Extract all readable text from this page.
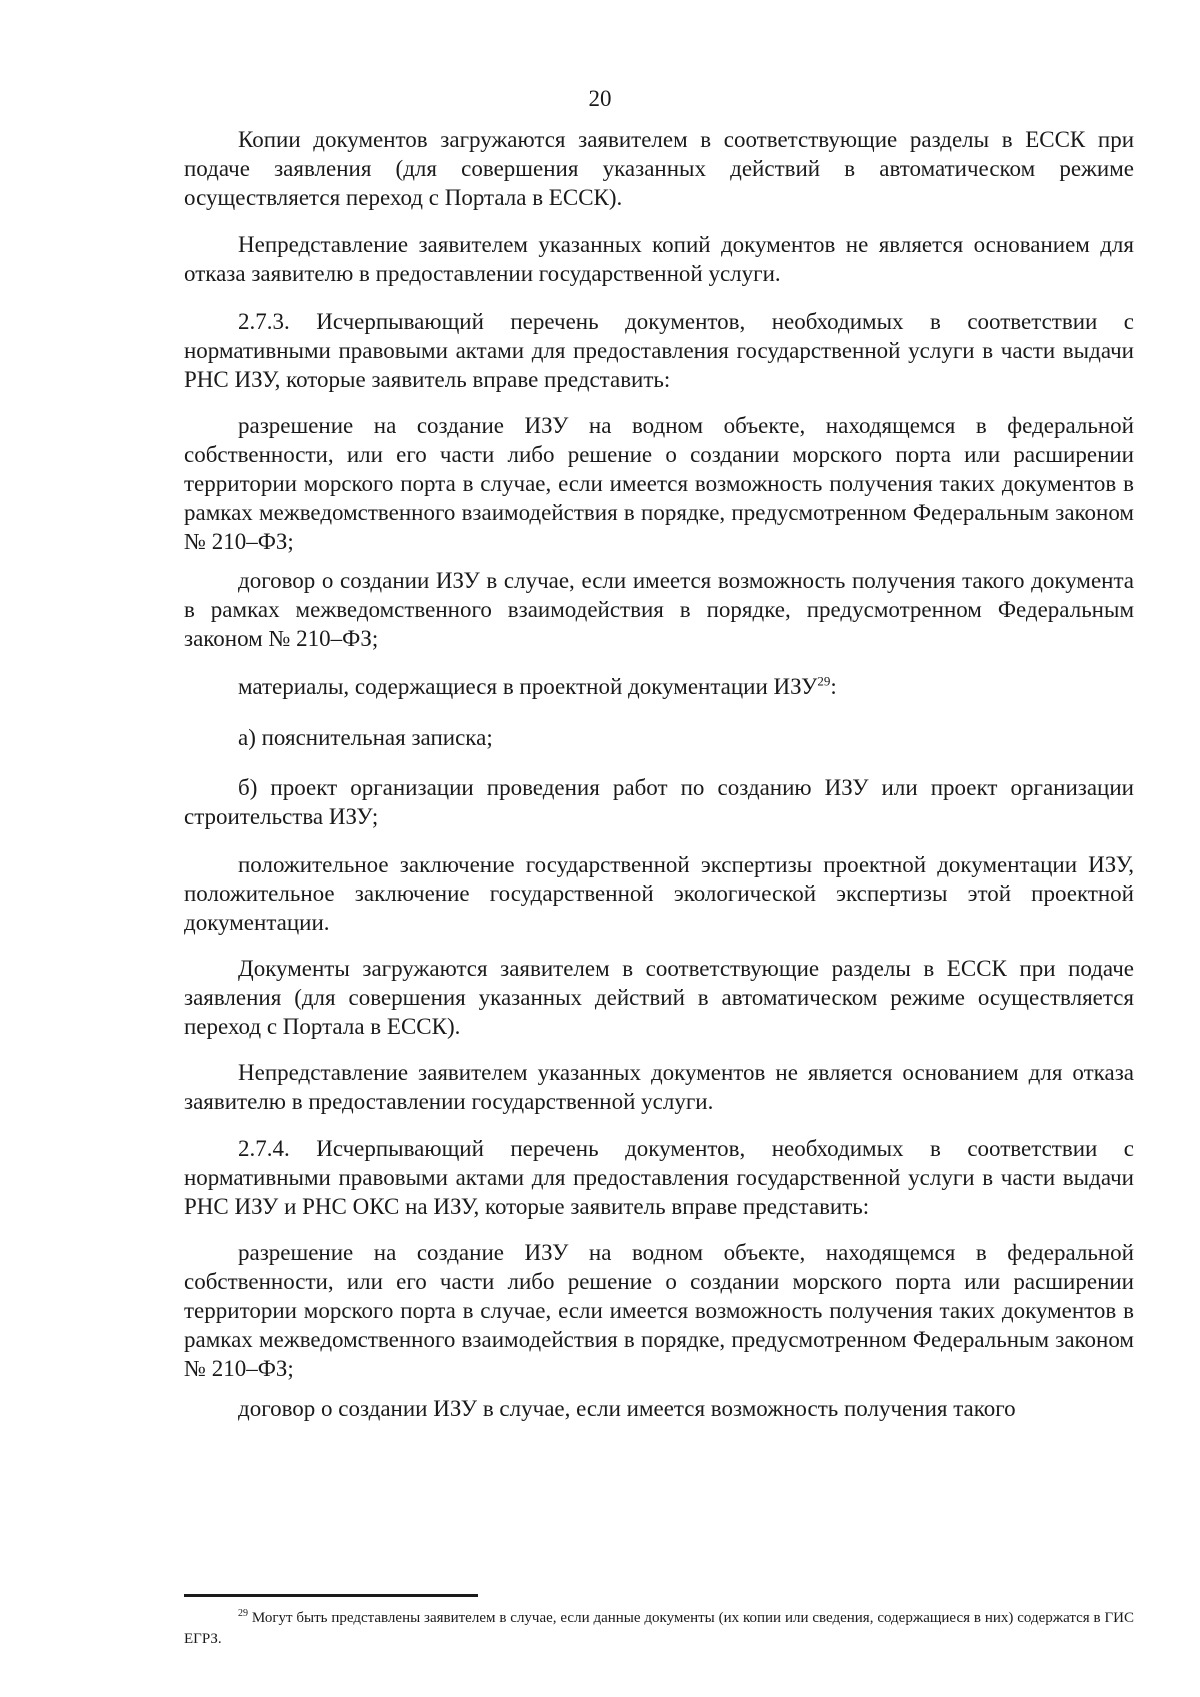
20

Копии документов загружаются заявителем в соответствующие разделы в ЕССК при подаче заявления (для совершения указанных действий в автоматическом режиме осуществляется переход с Портала в ЕССК).

Непредставление заявителем указанных копий документов не является основанием для отказа заявителю в предоставлении государственной услуги.

2.7.3. Исчерпывающий перечень документов, необходимых в соответствии с нормативными правовыми актами для предоставления государственной услуги в части выдачи РНС ИЗУ, которые заявитель вправе представить:

разрешение на создание ИЗУ на водном объекте, находящемся в федеральной собственности, или его части либо решение о создании морского порта или расширении территории морского порта в случае, если имеется возможность получения таких документов в рамках межведомственного взаимодействия в порядке, предусмотренном Федеральным законом № 210–ФЗ;

договор о создании ИЗУ в случае, если имеется возможность получения такого документа в рамках межведомственного взаимодействия в порядке, предусмотренном Федеральным законом № 210–ФЗ;

материалы, содержащиеся в проектной документации ИЗУ$^{29}$:

а) пояснительная записка;

б) проект организации проведения работ по созданию ИЗУ или проект организации строительства ИЗУ;

положительное заключение государственной экспертизы проектной документации ИЗУ, положительное заключение государственной экологической экспертизы этой проектной документации.

Документы загружаются заявителем в соответствующие разделы в ЕССК при подаче заявления (для совершения указанных действий в автоматическом режиме осуществляется переход с Портала в ЕССК).

Непредставление заявителем указанных документов не является основанием для отказа заявителю в предоставлении государственной услуги.

2.7.4. Исчерпывающий перечень документов, необходимых в соответствии с нормативными правовыми актами для предоставления государственной услуги в части выдачи РНС ИЗУ и РНС ОКС на ИЗУ, которые заявитель вправе представить:

разрешение на создание ИЗУ на водном объекте, находящемся в федеральной собственности, или его части либо решение о создании морского порта или расширении территории морского порта в случае, если имеется возможность получения таких документов в рамках межведомственного взаимодействия в порядке, предусмотренном Федеральным законом № 210–ФЗ;

договор о создании ИЗУ в случае, если имеется возможность получения такого

$^{29}$ Могут быть представлены заявителем в случае, если данные документы (их копии или сведения, содержащиеся в них) содержатся в ГИС ЕГРЗ.
